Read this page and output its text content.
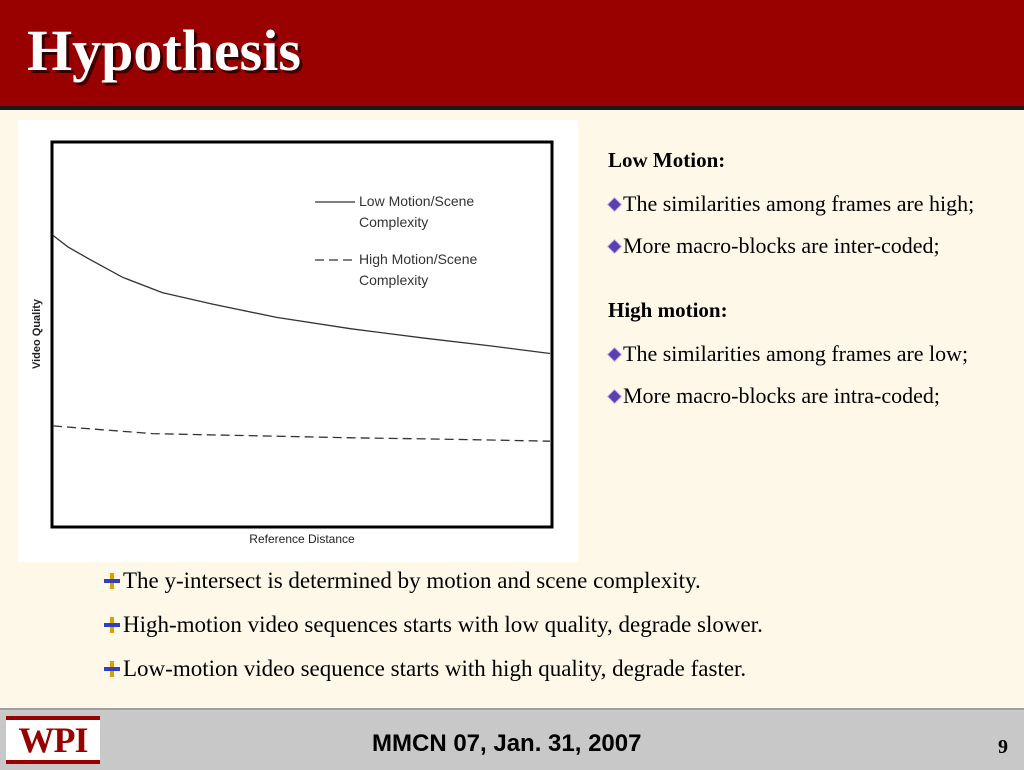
Hypothesis
Low Motion/Scene
Complexity
High Motion/Scene
Complexity
Reference Distance
Video Quality

Low Motion:

The similarities among frames are high;

More macro-blocks are inter-coded;

High motion:

The similarities among frames are low;

More macro-blocks are intra-coded;

The y-intersect is determined by motion and scene complexity.
High-motion video sequences starts with low quality, degrade slower.
Low-motion video sequence starts with high quality, degrade faster.
WPI	MMCN 07, Jan. 31, 2007	9
